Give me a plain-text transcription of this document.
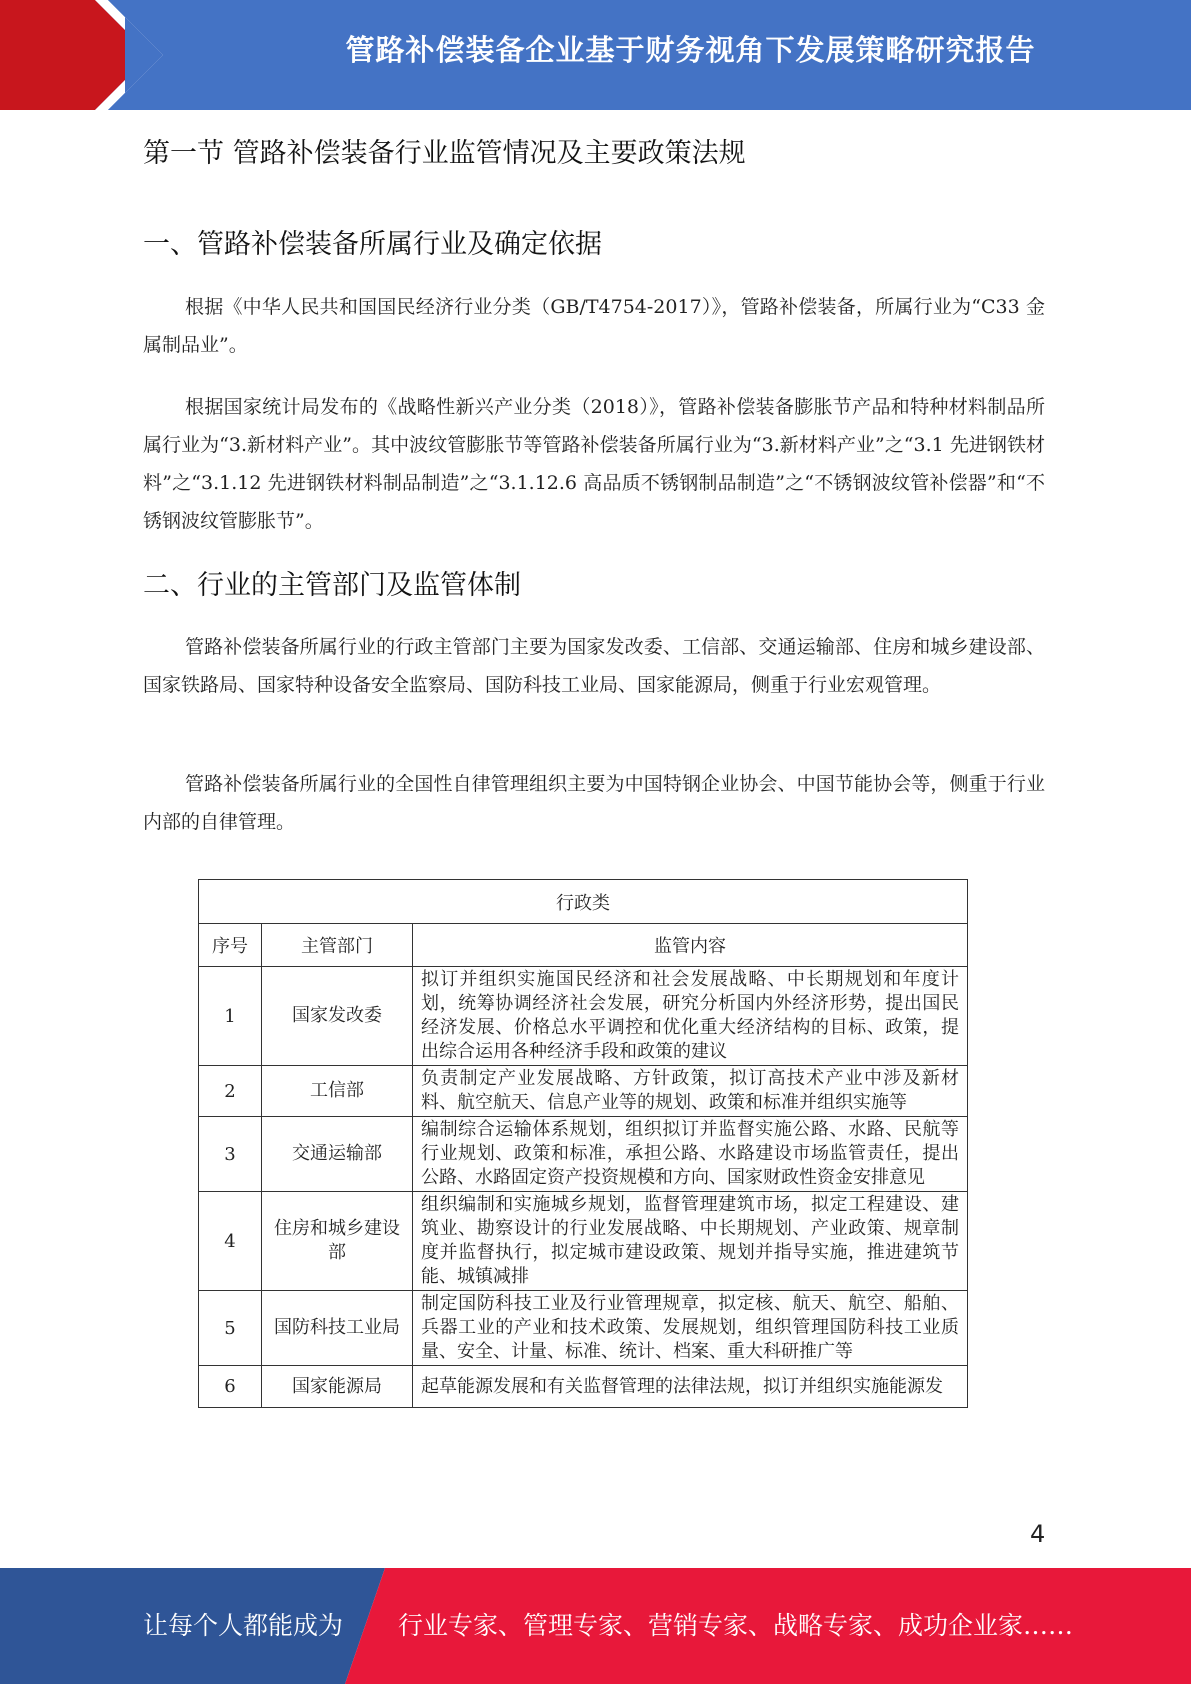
管路补偿装备企业基于财务视角下发展策略研究报告
第一节 管路补偿装备行业监管情况及主要政策法规
一、管路补偿装备所属行业及确定依据
根据《中华人民共和国国民经济行业分类（GB/T4754-2017）》，管路补偿装备，所属行业为“C33 金属制品业”。
根据国家统计局发布的《战略性新兴产业分类（2018）》，管路补偿装备膨胀节产品和特种材料制品所属行业为“3.新材料产业”。其中波纹管膨胀节等管路补偿装备所属行业为“3.新材料产业”之“3.1 先进钢铁材料”之“3.1.12 先进钢铁材料制品制造”之“3.1.12.6 高品质不锈钢制品制造”之“不锈钢波纹管补偿器”和“不锈钢波纹管膨胀节”。
二、行业的主管部门及监管体制
管路补偿装备所属行业的行政主管部门主要为国家发改委、工信部、交通运输部、住房和城乡建设部、国家铁路局、国家特种设备安全监察局、国防科技工业局、国家能源局，侧重于行业宏观管理。
管路补偿装备所属行业的全国性自律管理组织主要为中国特钢企业协会、中国节能协会等，侧重于行业内部的自律管理。
行政类		
序号	主管部门	监管内容
1	国家发改委	拟订并组织实施国民经济和社会发展战略、中长期规划和年度计划，统筹协调经济社会发展，研究分析国内外经济形势，提出国民经济发展、价格总水平调控和优化重大经济结构的目标、政策，提出综合运用各种经济手段和政策的建议
2	工信部	负责制定产业发展战略、方针政策，拟订高技术产业中涉及新材料、航空航天、信息产业等的规划、政策和标准并组织实施等
3	交通运输部	编制综合运输体系规划，组织拟订并监督实施公路、水路、民航等行业规划、政策和标准，承担公路、水路建设市场监管责任，提出公路、水路固定资产投资规模和方向、国家财政性资金安排意见
4	住房和城乡建设部	组织编制和实施城乡规划，监督管理建筑市场，拟定工程建设、建筑业、勘察设计的行业发展战略、中长期规划、产业政策、规章制度并监督执行，拟定城市建设政策、规划并指导实施，推进建筑节能、城镇减排
5	国防科技工业局	制定国防科技工业及行业管理规章，拟定核、航天、航空、船舶、兵器工业的产业和技术政策、发展规划，组织管理国防科技工业质量、安全、计量、标准、统计、档案、重大科研推广等
6	国家能源局	起草能源发展和有关监督管理的法律法规，拟订并组织实施能源发
4
让每个人都能成为 行业专家、管理专家、营销专家、战略专家、成功企业家……
